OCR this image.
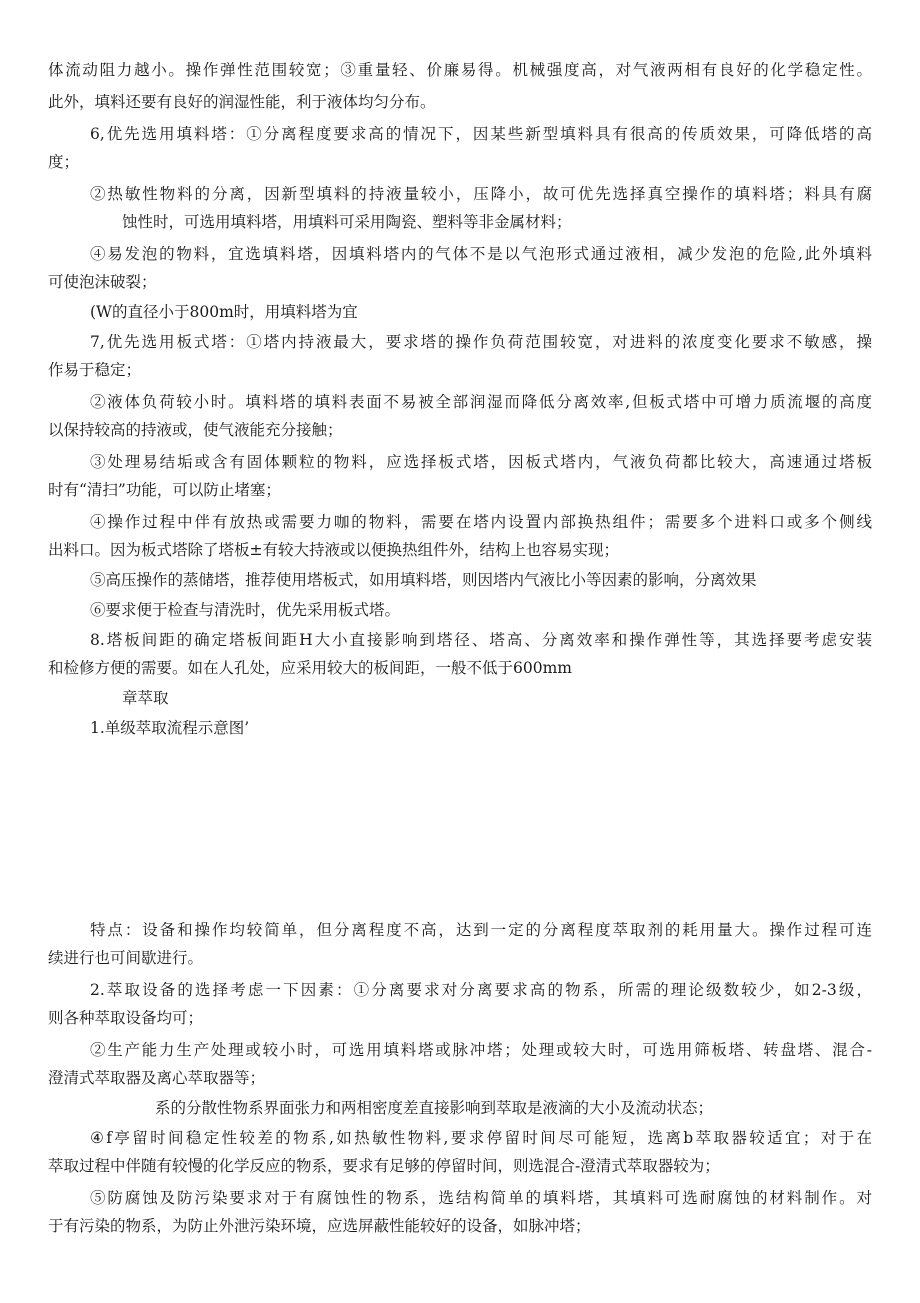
体流动阻力越小。操作弹性范围较宽；③重量轻、价廉易得。机械强度高，对气液两相有良好的化学稳定性。
此外，填料还要有良好的润湿性能，利于液体均匀分布。
6,优先选用填料塔：①分离程度要求高的情况下，因某些新型填料具有很高的传质效果，可降低塔的高
度；
②热敏性物料的分离，因新型填料的持液量较小，压降小，故可优先选择真空操作的填料塔；料具有腐
蚀性时，可选用填料塔，用填料可采用陶瓷、塑料等非金属材料；
④易发泡的物料，宜选填料塔，因填料塔内的气体不是以气泡形式通过液相，减少发泡的危险,此外填料
可使泡沫破裂；
(W的直径小于800m时，用填料塔为宜
7,优先选用板式塔：①塔内持液最大，要求塔的操作负荷范围较宽，对进料的浓度变化要求不敏感，操
作易于稳定；
②液体负荷较小时。填料塔的填料表面不易被全部润湿而降低分离效率,但板式塔中可增力质流堰的高度
以保持较高的持液或，使气液能充分接触；
③处理易结垢或含有固体颗粒的物料，应选择板式塔，因板式塔内，气液负荷都比较大，高速通过塔板
时有“清扫”功能，可以防止堵塞；
④操作过程中伴有放热或需要力咖的物料，需要在塔内设置内部换热组件；需要多个进料口或多个侧线
出料口。因为板式塔除了塔板±有较大持液或以便换热组件外，结构上也容易实现；
⑤高压操作的蒸储塔，推荐使用塔板式，如用填料塔，则因塔内气液比小等因素的影响，分离效果
⑥要求便于检查与清洗时，优先采用板式塔。
8.塔板间距的确定塔板间距H大小直接影响到塔径、塔高、分离效率和操作弹性等，其选择要考虑安装
和检修方便的需要。如在人孔处，应采用较大的板间距，一般不低于600mm
章萃取
1.单级萃取流程示意图’
特点：设备和操作均较简单，但分离程度不高，达到一定的分离程度萃取剂的耗用量大。操作过程可连
续进行也可间歇进行。
2.萃取设备的选择考虑一下因素：①分离要求对分离要求高的物系，所需的理论级数较少，如2-3级，
则各种萃取设备均可；
②生产能力生产处理或较小时，可选用填料塔或脉冲塔；处理或较大时，可选用筛板塔、转盘塔、混合-
澄清式萃取器及离心萃取器等；
系的分散性物系界面张力和两相密度差直接影响到萃取是液滴的大小及流动状态；
④f亭留时间稳定性较差的物系,如热敏性物料,要求停留时间尽可能短，选离b萃取器较适宜；对于在
萃取过程中伴随有较慢的化学反应的物系，要求有足够的停留时间，则选混合-澄清式萃取器较为；
⑤防腐蚀及防污染要求对于有腐蚀性的物系，选结构简单的填料塔，其填料可选耐腐蚀的材料制作。对
于有污染的物系，为防止外泄污染环境，应选屏蔽性能较好的设备，如脉冲塔；
